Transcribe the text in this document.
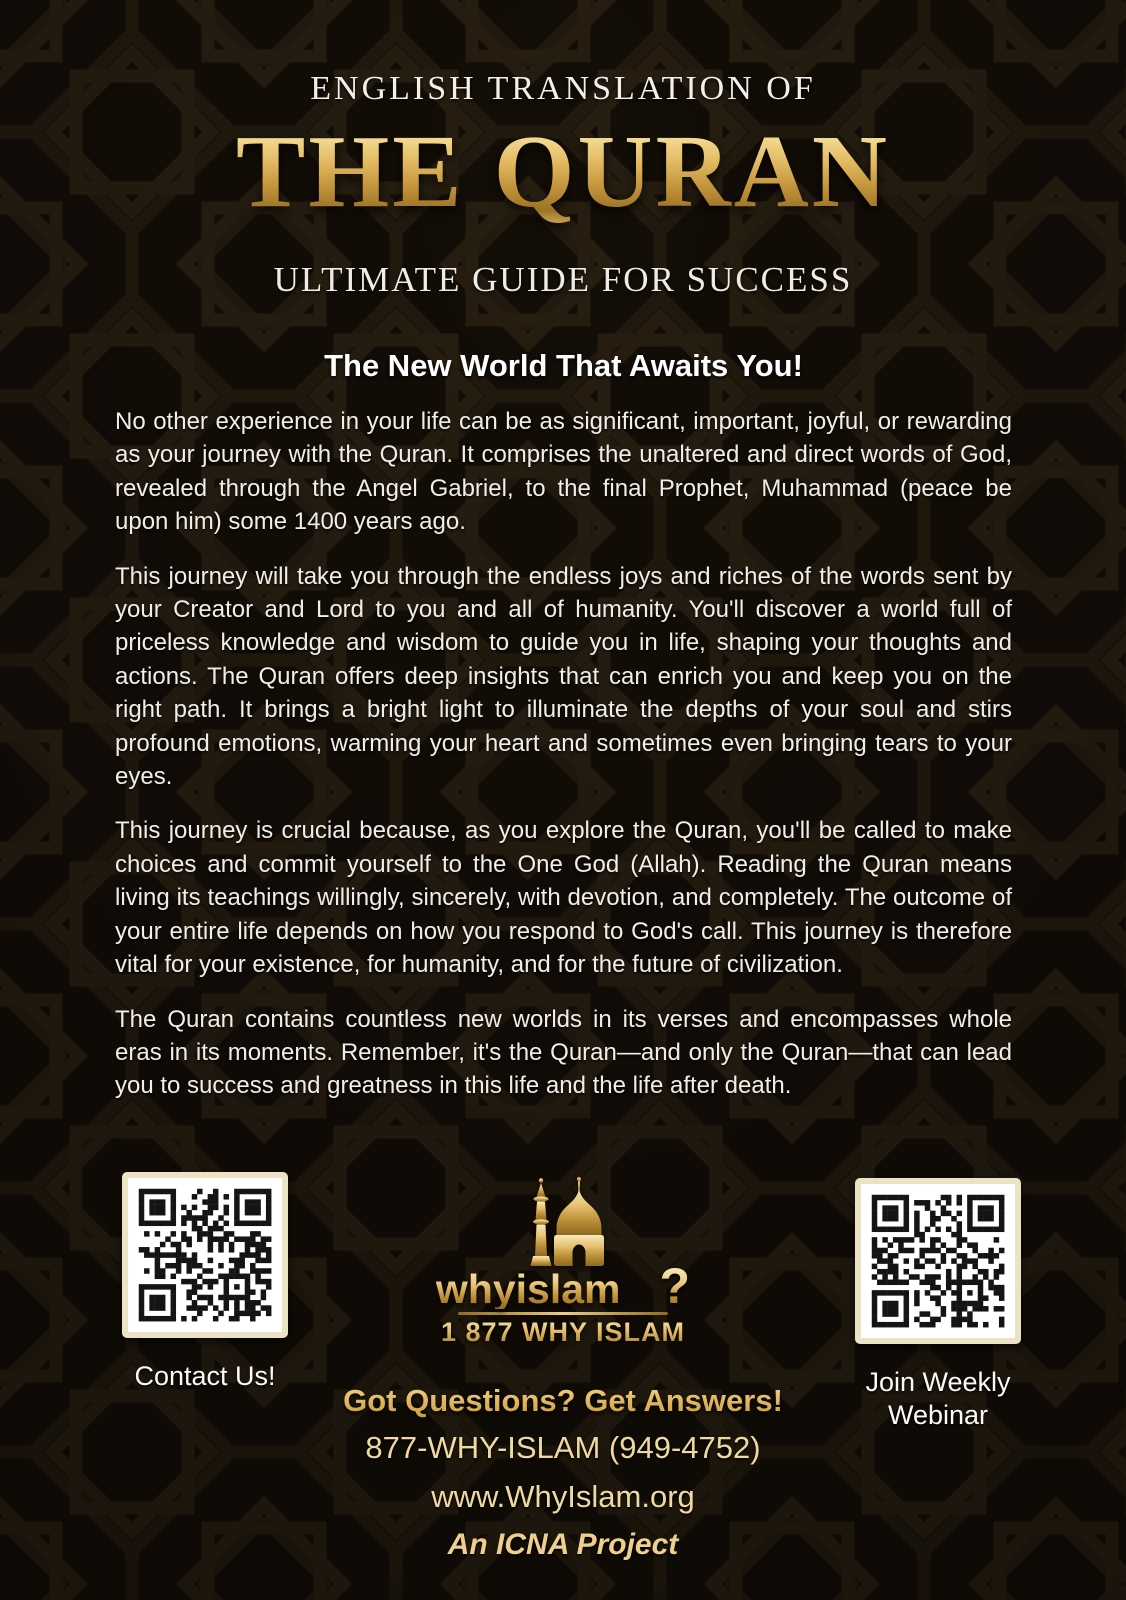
ENGLISH TRANSLATION OF
THE QURAN
ULTIMATE GUIDE FOR SUCCESS
The New World That Awaits You!

No other experience in your life can be as significant, important, joyful, or rewarding as your journey with the Quran. It comprises the unaltered and direct words of God, revealed through the Angel Gabriel, to the final Prophet, Muhammad (peace be upon him) some 1400 years ago.

This journey will take you through the endless joys and riches of the words sent by your Creator and Lord to you and all of humanity. You'll discover a world full of priceless knowledge and wisdom to guide you in life, shaping your thoughts and actions. The Quran offers deep insights that can enrich you and keep you on the right path. It brings a bright light to illuminate the depths of your soul and stirs profound emotions, warming your heart and sometimes even bringing tears to your eyes.

This journey is crucial because, as you explore the Quran, you'll be called to make choices and commit yourself to the One God (Allah). Reading the Quran means living its teachings willingly, sincerely, with devotion, and completely. The outcome of your entire life depends on how you respond to God's call. This journey is therefore vital for your existence, for humanity, and for the future of civilization.

The Quran contains countless new worlds in its verses and encompasses whole eras in its moments. Remember, it's the Quran—and only the Quran—that can lead you to success and greatness in this life and the life after death.

Contact Us!
whyislam .org ?
1 877 WHY ISLAM
Got Questions? Get Answers!
877-WHY-ISLAM (949-4752)
www.WhyIslam.org
An ICNA Project
Join Weekly
Webinar
